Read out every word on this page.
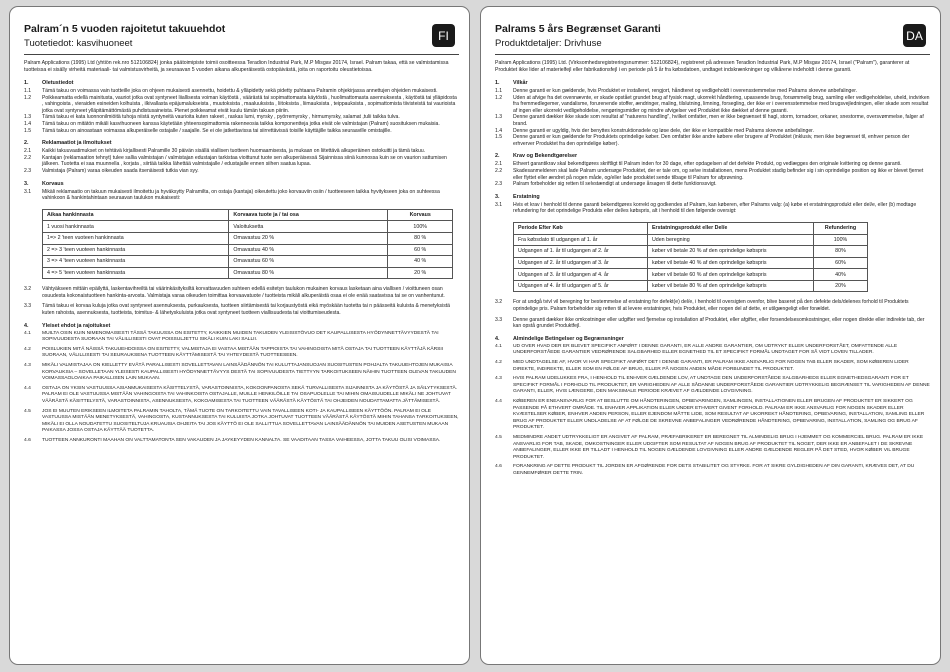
Palram´n 5 vuoden rajoitetut takuuehdot
Tuotetiedot: kasvihuoneet
FI
Palram Applications (1995) Ltd (yhtiön rek.nro 512106824) jonka päätoimipiste toimii osoitteessa Teradion Industrial Park, M.P Misgav 20174, Israel. Palram takaa, että se valmistamissa tuotteissa ei sisälly virheitä materiaali- tai valmistusvirheitä, ja seuraavan 5 vuoden aikana alkuperäisestä ostopäivästä, joita on raportoitu oleustietoissa.
1.	Oletustiedot
1.1	Tämä takuu on voimassa vain tuotteille joka on ohjeen mukaisesti asennettu, hoidettu & ylläpidetty sekä pidetty puhtaana Palramin ohjekirjassa annettujen ohjeiden mukaisesti.
1.2	Poikkeamatta edellä mainitusta, vauriot jotka ovat syntyneet liiallisesta voiman käytöstä , väärästä tai sopimattomasta käytöstä , huolimattomasta asennuksesta , käytöstä tai ylläpidosta , vahingoista , vieraiden esineiden kolhuista , ilkivallasta epäjumalukseista , muutoksista , maaluuksista , liitoksista , liimauksista , teippauksista , sopimattomista tiivisteistä tai vaurioista jotka ovat syntyneet ylläpitämättömästä puhdistusaineista. Pienet poikkeamat eivät kuulu tämän takuun piiriin.
1.3	Tämä takuu ei kata luonnonilmiöitä tuhoja niistä syntyneitä vaurioita kuten rakeet , raskas lumi, myrsky , pyörremyrsky , hirmumyrsky, salamat ,tulii taikka tulva.
1.4	Tämä takuu on mitätön mikäli kasvihuoneen kanssa käytetään yhteensopimattomia rakenneosia taikka komponentteja jotka eivät ole valmistajan (Palram) suosituksen mukaisia.
1.5	Tämä takuu on ainoastaan voimassa alkuperäiselle ostajalle / saajalle. Se ei ole jatkettavissa tai siirrettävissä toisille käyttäjille taikka seuraaville omistajille.
2.	Reklamaatiot ja ilmoitukset
2.1	Kaikki takuuvaatimukset on tehtävä kirjallisesti Palramille 30 päivän sisällä viallisen tuotteen huomaamisesta, ja mukaan on liitettävä alkuperäinen ostokuitti ja tämä takuu.
2.2	Kantajan (reklamaation tehnyt) tulee sallia valmistajan / valmistajan edustajan tarkistaa vioittunut tuote sen alkuperäisessä Sijainnissa siinä kunnossa kuin se on vaurion sattumisen jälkeen. Tuotetta ei saa muunnella , korjata , siirtää taikka lähettää valmistajalle / edustajalle ennen siihen saatua lupaa.
2.3	Valmistaja (Palram) varaa oikeuden saada itsenäisesti tutkia vian syy.
3.	Korvaus
3.1	Mikäli reklamaatio on takuun mukaisesti ilmoitettu ja hyväksytty Palramilta, on ostaja (kantaja) oikeutettu joko korvauviin osiin / tuotteeseen taikka hyvitykseen joka on suhteessa vahinkoon & hankintahintaan seuraavan taulukon mukaisesti:
Aikaa hankinnasta	Korvaava tuote ja / tai osa	Korvaus
1 vuosi hankinnasta	Valoituksetta	100%
1=> 2 'teen vuoteen hankinnasta	Omavastuu 20 %	80 %
2 => 3 'teen vuoteen hankinnasta	Omavastuu 40 %	60 %
3 => 4 'teen vuoteen hankinnasta	Omavastuu 60 %	40 %
4 => 5 'teen vuoteen hankinnasta	Omavastuu 80 %	20 %
3.2	Vähtyäkseen mittäin epäilyttä, laskentavihreiltä tai väärinkäsityksiltä korvattavuuden suhteen edellä esitetyn taulukon mukainen korvaus lasketaan aina viallisen / vioittuneen osan osuudesta kokonaistuotteen hankinta-arvosta. Valmistaja varaa oikeuden toimittaa korvaavatuote / tuotteista mikäli alkuperäistä osaa ei ole enää saatavissa tai se on vanhentunut.
3.3	Tämä takuu ei korvaa kuluja jotka ovat syntyneet asennuksesta, purkauksesta, tuotteen siirtämisestä tai korjaustyöstä eikä myöskään tuotetta tai n päässeitä kuluista & menetyksistä kuten rahoista, asennuksesta, tuotteista, toimitus- & lähetyskuluista jotka ovat syntyneet tuotteen viallisuudesta tai vioittumiseudesta.
4.	Yleiset ehdot ja rajoitukset
4.1	MUILTA OSIN KUIN NIMENOMAISESTI TÄSSÄ TAKUUSSA ON ESITETTY, KAIKKIEN MUIDEN TAKUIDEN YLEISISTÖVUO DET KAUPALLISESTA HYÖDYNNETTÄVYYDESTÄ TAI SOPIVUUDESTA SUORAAN TAI VÄLILLISESTI OVAT POISSULJETTU SIKÄLI KUIN LAKI SALLII.
4.2	POISLUKIEN MITÄ NÄISSÄ TAKUUEHDOISSA ON ESITETTY, VALMISTAJA EI VASTAA MISTÄÄN TAPPIOISTA TAI VAHINGOISTA MITÄ OSTAJA TAI TUOTTEEN KÄYTTÄJÄ KÄRSII SUORAAN, VÄLILLISESTI TAI SEURAUKSENA TUOTTEEN KÄYTTÄMISESTÄ TAI YHTEYDESTÄ TUOTTEESEEN.
4.3	MIKÄLI VALMISTAJAA ON KIELLETTY EVÄTÄ PARALLISESTI SOVELLETTAVAN LAINSÄÄDÄNNÖN TAI KULUTTAJANSUOJAN SUOSITUSTEN POHJALTA TAKUUEHTOJEN MUKAISIA KORVAUKSIA – SOVELLETAAN YLEISESTI KAUPALLISESTI HYÖDYNNETTÄVYYS DESTÄ TAI SOPIVUUDESTA TIETTYYN TARKOITUKSEEN NÄIHIN TUOTTEEN OLEVAN TAKUUDEN VOIMASSAOLOAIKAA PAIKALLISEN LAIN MUKAAN.
4.4	OSTAJA ON YKSIN VASTUUSSA ASIANMUKAISESTA KÄSITTELYSTÄ, VARASTOINNISTA, KOKOONPANOSTA SEKÄ TURVALLISESTA SIJAINNISTA JA KÄYTÖSTÄ JA SÄILYTYKSESTÄ. PALRAM EI OLE VASTUUSSA MISTÄÄN VAHINGOISTA TAI VAHINKOISTA OSTAJALLE, MUILLE HENKILÖILLE TAI OSAPUOLELLE TAI MIHIN OMAISUUDELLE MIKÄLI NE JOHTUVAT VÄÄRÄSTÄ KÄSITTELYSTÄ, VARASTOINNISTA, ASENNUKSESTA, KOKOAMISESTA TAI TUOTTEEN VÄÄRÄSTÄ KÄYTÖSTÄ TAI OHJEIDEN NOUDATTAMATTA JÄTTÄMISESTÄ.
4.5	JOS EI MUUTEN ERIKSEEN ILMOITETA PALRAMIN TAHOLTA, TÄMÄ TUOTE ON TARKOITETTU VAIN TAVALLISEEN KOTI- JA KAUPALLISEEN KÄYTTÖÖN. PALRAM EI OLE VASTUUSSA MISTÄÄN MENETYKSESTÄ, VAHINGOSTA, KUSTANNUKSESTA TAI KULUISTA JOTKA JOHTUVAT TUOTTEEN VÄÄRÄSTÄ KÄYTÖSTÄ MIHIN TAHANSA TARKOITUKSEEN, MIKÄLI EI OLLA NOUDATETTU SUOSITELTUJA KRUAUSIA OHJEITA TAI JOS KÄYTTÖ EI OLE SALLITTUA SOVELLETTAVAN LAINSÄÄDÄNNÖN TAI MUIDEN ASETUSTEN MUKAAN PAIKASSA JOSSA OSTAJA KÄYTTÄÄ TUOTETTA.
4.6	TUOTTEEN ANNKURONTI MAAHAN ON VALTTAMATONTA SEN VAKAUDEN JA JAYKEYYDEN KANNALTA. SE VAADITAAN TASSA VAIHEESSA, JOTTA TAKUU OLISI VOIMASSA.
Palrams 5 års Begrænset Garanti
Produktdetaljer: Drivhuse
DA
Palram Applications (1995) Ltd. (Virksomhedsregistreringsnummer: 512106824), registreret på adressen Teradion Industrial Park, M.P Misgav 20174, Israel ("Palram"), garanterer at Produktet ikke lider af materielfejl eller fabrikationsfejl i en periode på 5 år fra købsdatoen, undtaget indskrænkninger og vilkårene indeholdt i denne garanti.
1.	Vilkår
1.1	Denne garanti er kun gældende, hvis Produktet er installeret, rengjort, håndteret og vedligeholdt i overensstemmelse med Palrams skrevne anbefalinger.
1.2	Uden at afvige fra det ovennævnte, er skade opstået grundet brug af fysisk magt, ukorrekt håndtering, upassende brug, forsømmelig brug, samling eller vedligeholdelse, uheld, indvirken fra fremmedlegemer, vandalisme, forurenende stoffer, ændringer, maling, tilslutning, limning, forsegling, der ikke er i overensstemmelse med brugsvejledningen, eller skade som resultat af ingen eller ukorrekt vedligeholdelse, rengøringsmidler og mindre afvigelser ved Produktet ikke dækket af denne garanti.
1.3	Denne garanti dækker ikke skade som resultat af "naturens handling", hvilket omfatter, men er ikke begrænset til hagl, storm, tornadoer, orkaner, snestorme, oversvømmelse, falger af brand.
1.4	Denne garanti er ugyldig, hvis der benyttes konstruktionsdele og løse dele, der ikke er kompatible med Palrams skrevne anbefalinger.
1.5	Denne garanti er kun gældende for Produktets oprindelige køber. Den omfatter ikke andre købere eller brugere af Produktet (inklusiv, men ikke begrænset til, enhver person der erhverver Produktet fra den oprindelige køber).
2.	Krav og Bekendtgørelser
2.1	Ethvert garantikrav skal bekendtgøres skriftligt til Palram inden for 30 dage, efter opdagelsen af det defekte Produkt, og vedlægges den originale kvittering og denne garanti.
2.2	Skadesanmelderen skal lade Palram undersøge Produktet, der er tale om, og selve installationen, mens Produktet stadig befinder sig i sin oprindelige position og ikke er blevet fjernet eller flyttet eller ændret på nogen måde, og/eller lade produktet sende tilbage til Palram for afprøvning.
2.3	Palram forbeholder sig retten til selvstændigt at undersøge årsagen til dette funktionssvigt.
3.	Erstatning
3.1	Hvis et krav i henhold til denne garanti bekendtgøres korrekt og godkendes af Palram, kan køberen, efter Palrams valg: (a) købe et erstatningsprodukt eller del/e, eller (b) modtage refundering for det oprindelige Produkts eller del/es købspris, alt i henhold til den følgende oversigt:
Periode Efter Køb	Erstatningsprodukt eller Del/e	Refundering
Fra købsdato til udgangen af 1. år	Uden beregning	100%
Udgangen af 1. år til udgangen af 2. år	køber vil betale 20 % af den oprindelige købspris	80%
Udgangen af 2. år til udgangen af 3. år	køber vil betale 40 % af den oprindelige købspris	60%
Udgangen af 3. år til udgangen af 4. år	køber vil betale 60 % af den oprindelige købspris	40%
Udgangen af 4. år til udgangen af 5. år	køber vil betale 80 % af den oprindelige købspris	20%
3.2	For at undgå tvivl vil beregning for bestemmelse af erstatning for defekt(e) del/e, i henhold til oversigten ovenfor, blive baseret på den defekte dels/delenes forhold til Produktets oprindelige pris. Palram forbeholder sig retten til at levere erstatninger, hvis Produktet, eller nogen del af dette, er utilgængeligt eller forældet.
3.3	Denne garanti dækker ikke omkostninger eller udgifter ved fjernelse og installation af Produktet, eller afgifter, eller forsendelsesomkostninger, eller nogen direkte eller indirekte tab, der kan opstå grundet Produktfejl.
4.	Almindelige Betingelser og Begrænsninger
4.1	UD OVER HVAD DER ER BLEVET SPECIFIKT ANFØRT I DENNE GARANTI, ER ALLE ANDRE GARANTIER, OM UDTRYKT ELLER UNDERFORSTÅET, OMFATTENDE ALLE UNDERFORSTÅEDE GARANTIER VEDRØRENDE SALGBARHED ELLER EGNETHED TIL ET SPECIFIKT FORMÅL UNDTAGET FOR SÅ VIDT LOVEN TILLADER.
4.2	MED UNDTAGELSE AF, HVOR VI HAR SPECIFIKT ANFØRT DET I DENNE GARANTI, ER PALRAM IKKE ANSVARLIG FOR NOGEN TAB ELLER SKADER, SOM KØBEREN LIDER DIREKTE, INDIREKTE, ELLER SOM EN FØLGE AF BRUG, ELLER PÅ NOGEN ANDEN MÅDE FORBUNDET TIL PRODUKTET.
4.3	HVIS PALRAM UDELUKKES FRA, I HENHOLD TIL ENHVER GÆLDENDE LOV, AT UNDTAGE DEN UNDERFORSTÅEDE SALGBARHEDS ELLER EGNETHEDSGARANTI FOR ET SPECIFIKT FORMÅL I FORHOLD TIL PRODUKTET, ER VARIGHEDEN AF ALLE SÅDANNE UNDERFORSTÅEDE GARANTIER UDTRYKKELIG BEGRÆNSET TIL VARIGHEDEN AF DENNE GARANTI, ELLER, HVIS LÆNGERE, DEN MAKSIMALE PERIODE KRÆVET AF GÆLDENDE LOVGIVNING.
4.4	KØBEREN ER ENEANSVARLIG FOR AT BESLUTTE OM HÅNDTERINGEN, OPBEVARINGEN, SAMLINGEN, INSTALLATIONEN ELLER BRUGEN AF PRODUKTET ER SIKKERT OG PASSENDE PÅ ETHVERT OMRÅDE. TIL ENHVER APPLIKATION ELLER UNDER ETHVERT GIVENT FORHOLD. PALRAM ER IKKE ANSVARLIG FOR NOGEN SKADER ELLER KVÆSTELSER KØBER, ENHVER ANDEN PERSON, ELLER EJENDOM MÅTTE LIDE, SOM RESULTAT AF UKORREKT HÅNDTERING, OPBEVARING, INSTALLATION, SAMLING ELLER BRUG AF PRODUKTET ELLER UNDLADELSE AF AT FØLGE DE SKREVNE ANBEFALINGER VEDRØRENDE HÅNDTERING, OPBEVARING, INSTALLATION, SAMLING OG BRUG AF PRODUKTET.
4.5	MEDMINDRE ANDET UDTRYKKELIGT ER ANGIVET AF PALRAM, PRÆFABRIKERET ER BEREGNET TIL ALMINDELIG BRUG I HJEMMET OG KOMMERCIEL BRUG. PALRAM ER IKKE ANSVARLIG FOR TAB, SKADE, OMKOSTNINGER ELLER UDGIFTER SOM RESULTAT AF NOGEN BRUG AF PRODUKTET TIL NOGET, DER IKKE ER ANBEFALET I DE SKREVNE ANBEFALINGER, ELLER IKKE ER TILLADT I HENHOLD TIL NOGEN GÆLDENDE LOVGIVNING ELLER ANDRE GÆLDENDE REGLER PÅ DET STED, HVOR KØBER VIL BRUGE PRODUKTET.
4.6	FORANKRING AF DETTE PRODUKT TIL JORDEN ER AFGØRENDE FOR DETS STABILITET OG STYRKE. FOR AT SIKRE GYLDIGHEDEN AF DIN GARANTI, KRÆVES DET, AT DU GENNEMFØRER DETTE TRIN.
